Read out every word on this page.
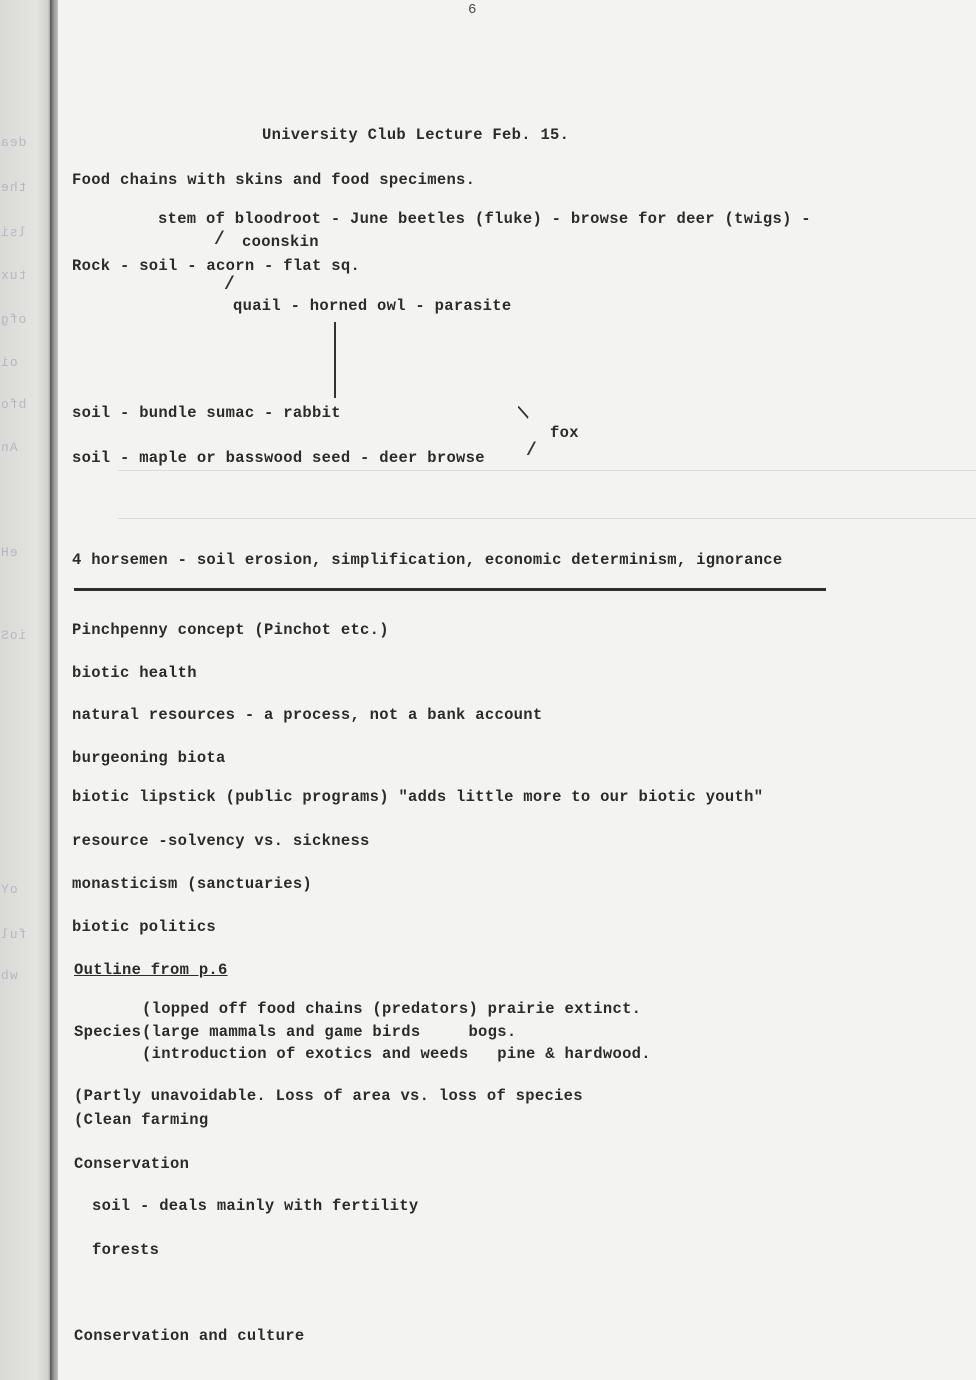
dea
the
lsi
tux
ofg
oi
bfo
An
eH
ioS
oY
ful
wb
6
University Club Lecture Feb. 15.
Food chains with skins and food specimens.
stem of bloodroot - June beetles (fluke) - browse for deer (twigs) -
/ coonskin
Rock - soil - acorn - flat sq.
/
quail - horned owl - parasite
soil - bundle sumac - rabbit	/
fox
soil - maple or basswood seed - deer browse /
4 horsemen - soil erosion, simplification, economic determinism, ignorance
Pinchpenny concept (Pinchot etc.)
biotic health
natural resources - a process, not a bank account
burgeoning biota
biotic lipstick (public programs) "adds little more to our biotic youth"
resource -solvency vs. sickness
monasticism (sanctuaries)
biotic politics
Outline from p.6
(lopped off food chains (predators) prairie extinct.
Species (large mammals and game birds     bogs.
(introduction of exotics and weeds   pine & hardwood.
(Partly unavoidable. Loss of area vs. loss of species
(Clean farming
Conservation
soil - deals mainly with fertility
forests
Conservation and culture
